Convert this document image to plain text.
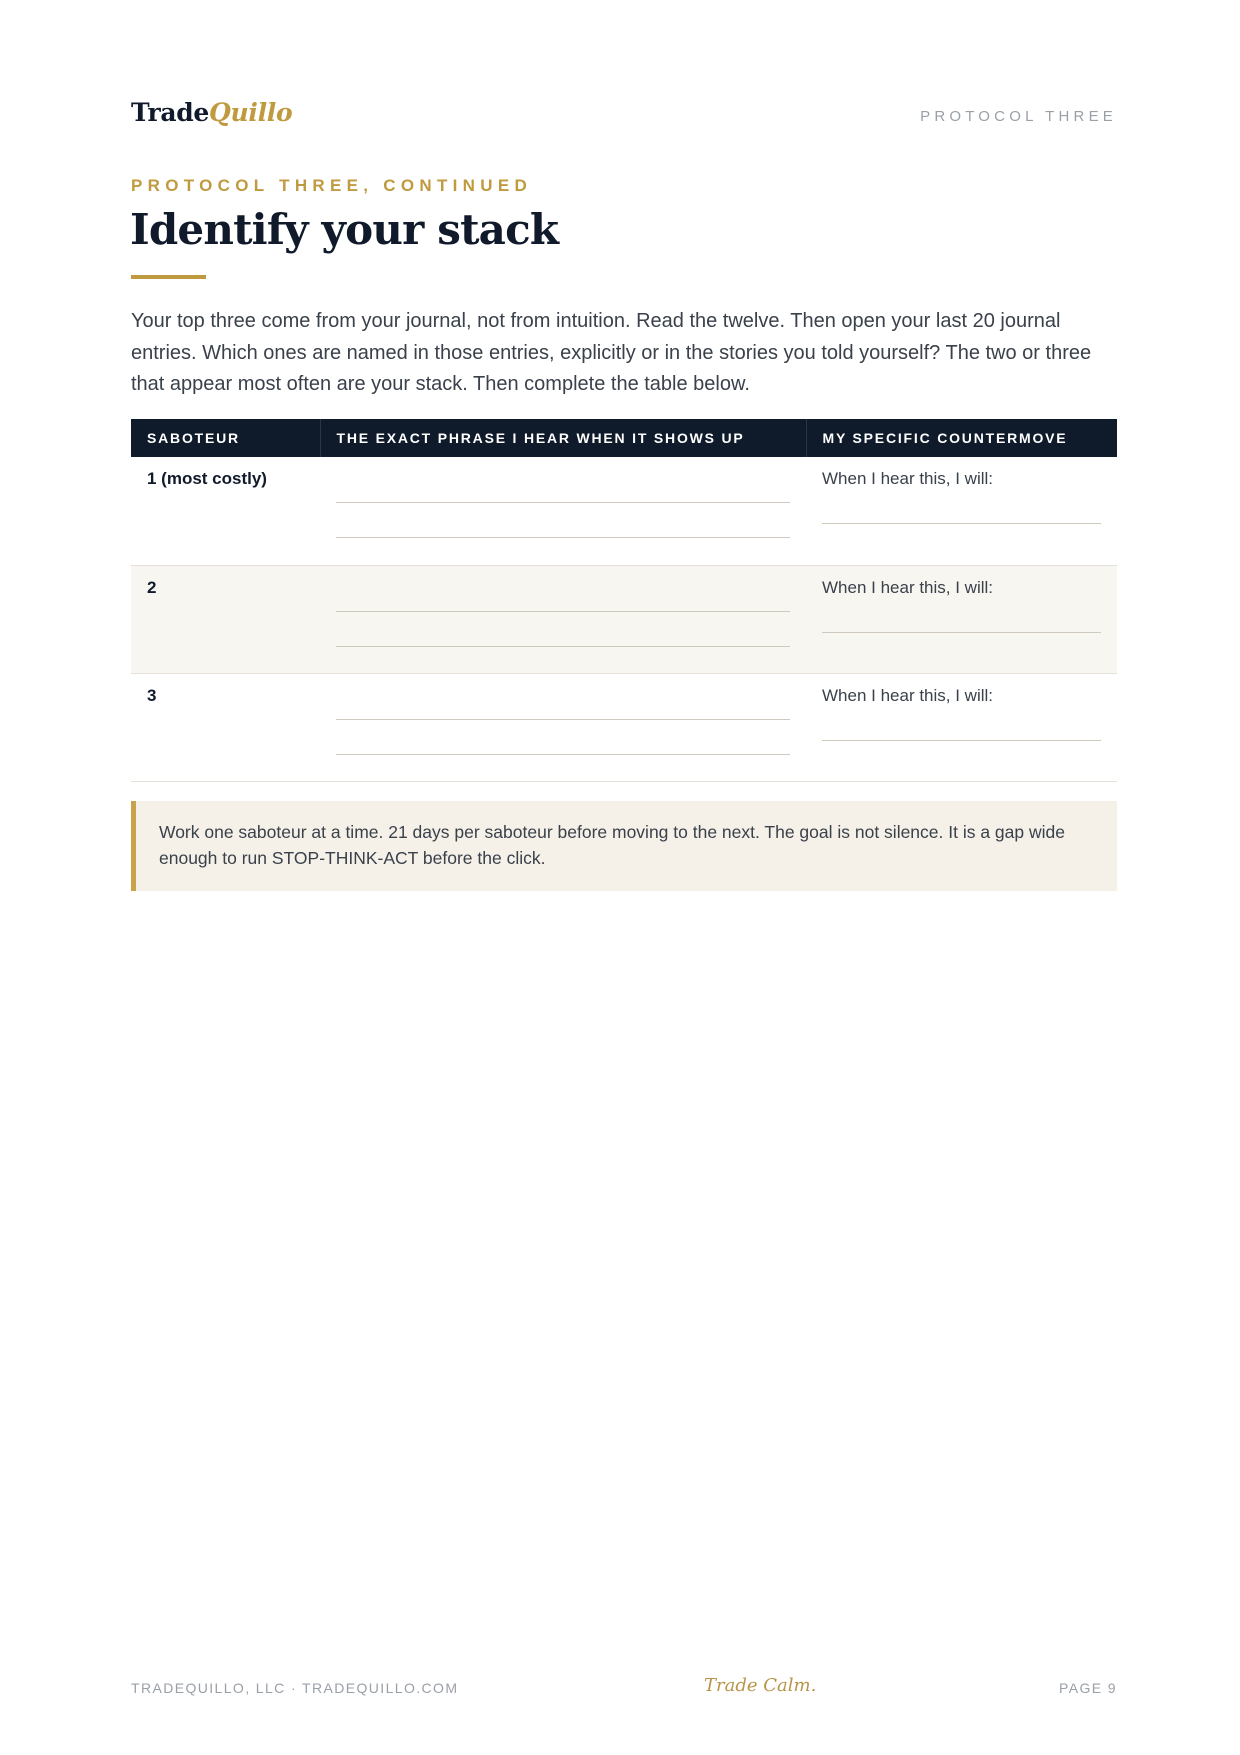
TradeQuillo	PROTOCOL THREE
PROTOCOL THREE, CONTINUED
Identify your stack

Your top three come from your journal, not from intuition. Read the twelve. Then open your last 20 journal entries. Which ones are named in those entries, explicitly or in the stories you told yourself? The two or three that appear most often are your stack. Then complete the table below.

SABOTEUR	THE EXACT PHRASE I HEAR WHEN IT SHOWS UP	MY SPECIFIC COUNTERMOVE

1 (most costly)		When I hear this, I will:

2		When I hear this, I will:

3		When I hear this, I will:
Work one saboteur at a time. 21 days per saboteur before moving to the next. The goal is not silence. It is a gap wide enough to run STOP-THINK-ACT before the click.
TRADEQUILLO, LLC · TRADEQUILLO.COM	Trade Calm.	PAGE 9
